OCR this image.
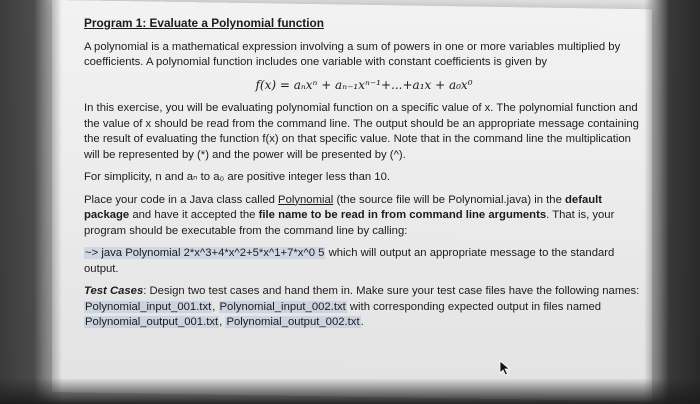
Program 1: Evaluate a Polynomial function

A polynomial is a mathematical expression involving a sum of powers in one or more variables multiplied by coefficients. A polynomial function includes one variable with constant coefficients is given by

f(x) = aₙxⁿ + aₙ₋₁xⁿ⁻¹+...+a₁x + a₀x⁰

In this exercise, you will be evaluating polynomial function on a specific value of x. The polynomial function and the value of x should be read from the command line. The output should be an appropriate message containing the result of evaluating the function f(x) on that specific value. Note that in the command line the multiplication will be represented by (*) and the power will be presented by (^).

For simplicity, n and aₙ to a₀ are positive integer less than 10.

Place your code in a Java class called Polynomial (the source file will be Polynomial.java) in the default package and have it accepted the file name to be read in from command line arguments. That is, your program should be executable from the command line by calling:

~> java Polynomial 2*x^3+4*x^2+5*x^1+7*x^0 5 which will output an appropriate message to the standard output.

Test Cases: Design two test cases and hand them in. Make sure your test case files have the following names: Polynomial_input_001.txt, Polynomial_input_002.txt with corresponding expected output in files named Polynomial_output_001.txt, Polynomial_output_002.txt.
